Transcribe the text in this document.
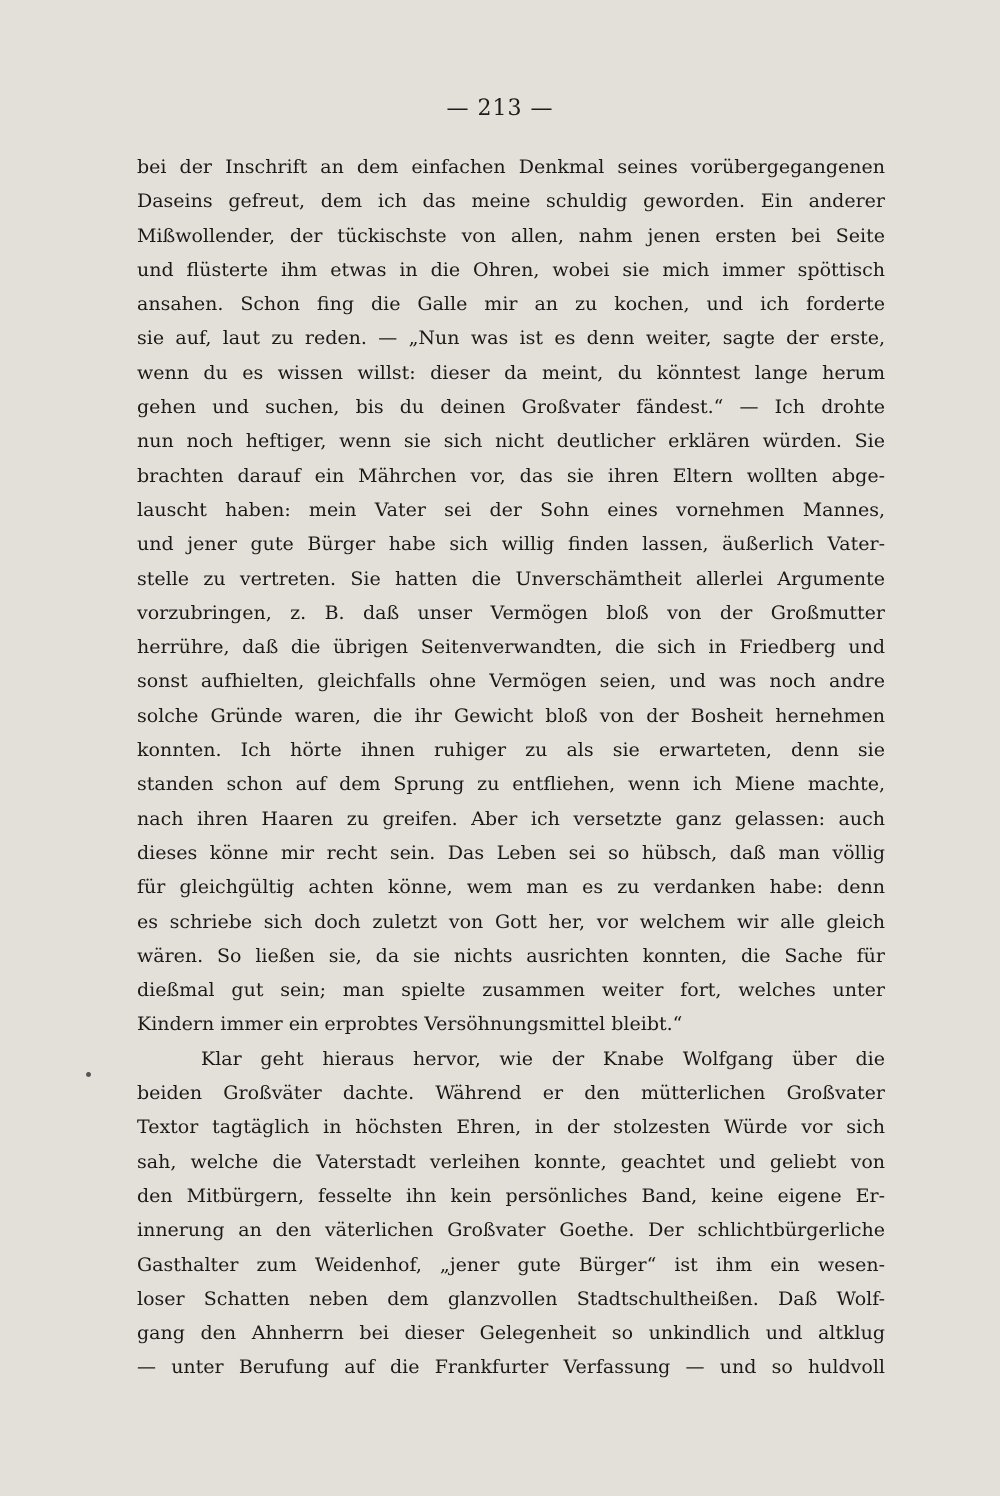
— 213 —
bei der Inschrift an dem einfachen Denkmal seines vorübergegangenen
Daseins gefreut, dem ich das meine schuldig geworden. Ein anderer
Mißwollender, der tückischste von allen, nahm jenen ersten bei Seite
und flüsterte ihm etwas in die Ohren, wobei sie mich immer spöttisch
ansahen. Schon fing die Galle mir an zu kochen, und ich forderte
sie auf, laut zu reden. — „Nun was ist es denn weiter, sagte der erste,
wenn du es wissen willst: dieser da meint, du könntest lange herum
gehen und suchen, bis du deinen Großvater fändest.“ — Ich drohte
nun noch heftiger, wenn sie sich nicht deutlicher erklären würden. Sie
brachten darauf ein Mährchen vor, das sie ihren Eltern wollten abge-
lauscht haben: mein Vater sei der Sohn eines vornehmen Mannes,
und jener gute Bürger habe sich willig finden lassen, äußerlich Vater-
stelle zu vertreten. Sie hatten die Unverschämtheit allerlei Argumente
vorzubringen, z. B. daß unser Vermögen bloß von der Großmutter
herrühre, daß die übrigen Seitenverwandten, die sich in Friedberg und
sonst aufhielten, gleichfalls ohne Vermögen seien, und was noch andre
solche Gründe waren, die ihr Gewicht bloß von der Bosheit hernehmen
konnten. Ich hörte ihnen ruhiger zu als sie erwarteten, denn sie
standen schon auf dem Sprung zu entfliehen, wenn ich Miene machte,
nach ihren Haaren zu greifen. Aber ich versetzte ganz gelassen: auch
dieses könne mir recht sein. Das Leben sei so hübsch, daß man völlig
für gleichgültig achten könne, wem man es zu verdanken habe: denn
es schriebe sich doch zuletzt von Gott her, vor welchem wir alle gleich
wären. So ließen sie, da sie nichts ausrichten konnten, die Sache für
dießmal gut sein; man spielte zusammen weiter fort, welches unter
Kindern immer ein erprobtes Versöhnungsmittel bleibt.“
Klar geht hieraus hervor, wie der Knabe Wolfgang über die
beiden Großväter dachte. Während er den mütterlichen Großvater
Textor tagtäglich in höchsten Ehren, in der stolzesten Würde vor sich
sah, welche die Vaterstadt verleihen konnte, geachtet und geliebt von
den Mitbürgern, fesselte ihn kein persönliches Band, keine eigene Er-
innerung an den väterlichen Großvater Goethe. Der schlichtbürgerliche
Gasthalter zum Weidenhof, „jener gute Bürger“ ist ihm ein wesen-
loser Schatten neben dem glanzvollen Stadtschultheißen. Daß Wolf-
gang den Ahnherrn bei dieser Gelegenheit so unkindlich und altklug
— unter Berufung auf die Frankfurter Verfassung — und so huldvoll
